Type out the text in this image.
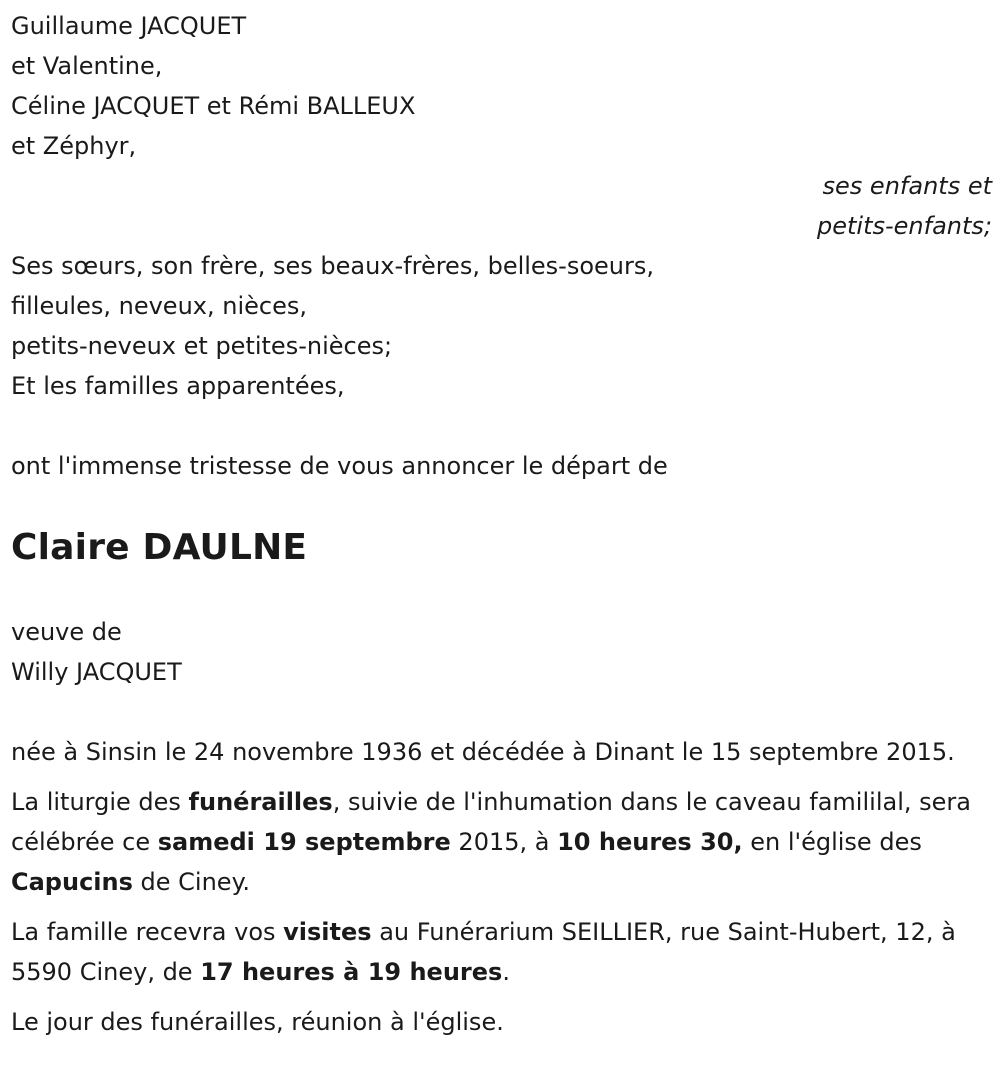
Guillaume JACQUET
et Valentine,
Céline JACQUET et Rémi BALLEUX
et Zéphyr,
ses enfants et
petits-enfants;
Ses sœurs, son frère, ses beaux-frères, belles-soeurs,
filleules, neveux, nièces,
petits-neveux et petites-nièces;
Et les familles apparentées,
ont l'immense tristesse de vous annoncer le départ de
Claire DAULNE
veuve de
Willy JACQUET

née à Sinsin le 24 novembre 1936 et décédée à Dinant le 15 septembre 2015.

La liturgie des funérailles, suivie de l'inhumation dans le caveau famililal, sera célébrée ce samedi 19 septembre 2015, à 10 heures 30, en l'église des Capucins de Ciney.

La famille recevra vos visites au Funérarium SEILLIER, rue Saint-Hubert, 12, à 5590 Ciney, de 17 heures à 19 heures.

Le jour des funérailles, réunion à l'église.
